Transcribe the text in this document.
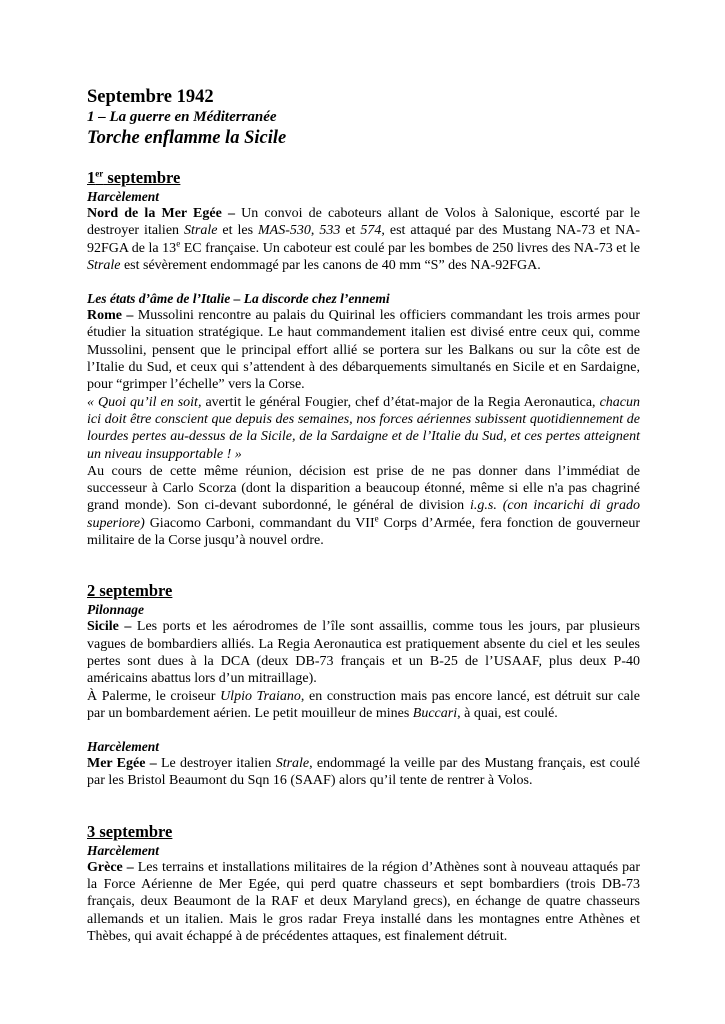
Septembre 1942
1 – La guerre en Méditerranée
Torche enflamme la Sicile
1er septembre
Harcèlement

Nord de la Mer Egée – Un convoi de caboteurs allant de Volos à Salonique, escorté par le destroyer italien Strale et les MAS-530, 533 et 574, est attaqué par des Mustang NA-73 et NA-92FGA de la 13e EC française. Un caboteur est coulé par les bombes de 250 livres des NA-73 et le Strale est sévèrement endommagé par les canons de 40 mm “S” des NA-92FGA.

Les états d’âme de l’Italie – La discorde chez l’ennemi

Rome – Mussolini rencontre au palais du Quirinal les officiers commandant les trois armes pour étudier la situation stratégique. Le haut commandement italien est divisé entre ceux qui, comme Mussolini, pensent que le principal effort allié se portera sur les Balkans ou sur la côte est de l’Italie du Sud, et ceux qui s’attendent à des débarquements simultanés en Sicile et en Sardaigne, pour “grimper l’échelle” vers la Corse.

« Quoi qu’il en soit, avertit le général Fougier, chef d’état-major de la Regia Aeronautica, chacun ici doit être conscient que depuis des semaines, nos forces aériennes subissent quotidiennement de lourdes pertes au-dessus de la Sicile, de la Sardaigne et de l’Italie du Sud, et ces pertes atteignent un niveau insupportable ! »

Au cours de cette même réunion, décision est prise de ne pas donner dans l’immédiat de successeur à Carlo Scorza (dont la disparition a beaucoup étonné, même si elle n'a pas chagriné grand monde). Son ci-devant subordonné, le général de division i.g.s. (con incarichi di grado superiore) Giacomo Carboni, commandant du VIIe Corps d’Armée, fera fonction de gouverneur militaire de la Corse jusqu’à nouvel ordre.

2 septembre
Pilonnage

Sicile – Les ports et les aérodromes de l’île sont assaillis, comme tous les jours, par plusieurs vagues de bombardiers alliés. La Regia Aeronautica est pratiquement absente du ciel et les seules pertes sont dues à la DCA (deux DB-73 français et un B-25 de l’USAAF, plus deux P-40 américains abattus lors d’un mitraillage).

À Palerme, le croiseur Ulpio Traiano, en construction mais pas encore lancé, est détruit sur cale par un bombardement aérien. Le petit mouilleur de mines Buccari, à quai, est coulé.

Harcèlement

Mer Egée – Le destroyer italien Strale, endommagé la veille par des Mustang français, est coulé par les Bristol Beaumont du Sqn 16 (SAAF) alors qu’il tente de rentrer à Volos.

3 septembre
Harcèlement

Grèce – Les terrains et installations militaires de la région d’Athènes sont à nouveau attaqués par la Force Aérienne de Mer Egée, qui perd quatre chasseurs et sept bombardiers (trois DB-73 français, deux Beaumont de la RAF et deux Maryland grecs), en échange de quatre chasseurs allemands et un italien. Mais le gros radar Freya installé dans les montagnes entre Athènes et Thèbes, qui avait échappé à de précédentes attaques, est finalement détruit.
